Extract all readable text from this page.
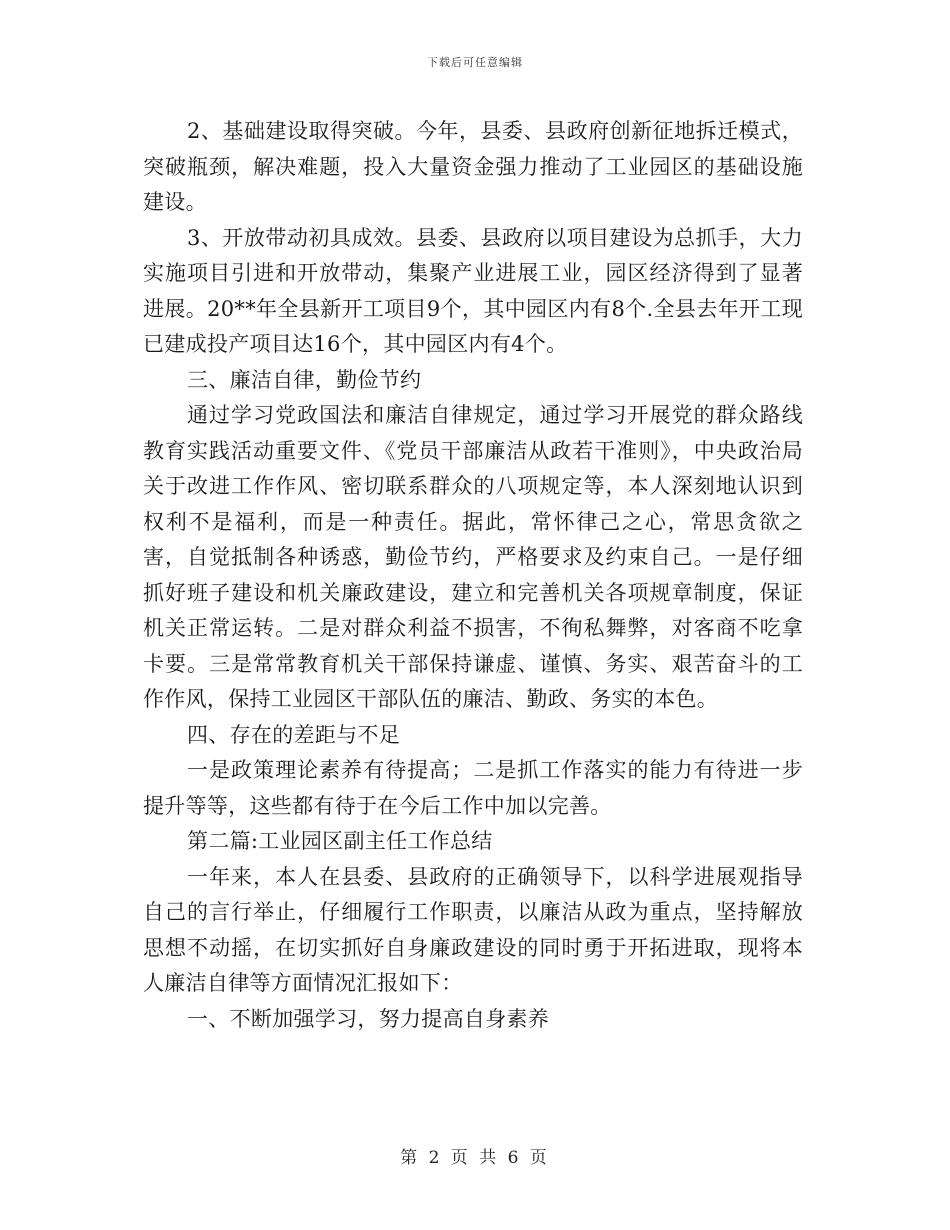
下载后可任意编辑

2、基础建设取得突破。今年，县委、县政府创新征地拆迁模式，突破瓶颈，解决难题，投入大量资金强力推动了工业园区的基础设施建设。

3、开放带动初具成效。县委、县政府以项目建设为总抓手，大力实施项目引进和开放带动，集聚产业进展工业，园区经济得到了显著进展。20**年全县新开工项目9个，其中园区内有8个.全县去年开工现已建成投产项目达16个，其中园区内有4个。

三、廉洁自律，勤俭节约

通过学习党政国法和廉洁自律规定，通过学习开展党的群众路线教育实践活动重要文件、《党员干部廉洁从政若干准则》，中央政治局关于改进工作作风、密切联系群众的八项规定等，本人深刻地认识到权利不是福利，而是一种责任。据此，常怀律己之心，常思贪欲之害，自觉抵制各种诱惑，勤俭节约，严格要求及约束自己。一是仔细抓好班子建设和机关廉政建设，建立和完善机关各项规章制度，保证机关正常运转。二是对群众利益不损害，不徇私舞弊，对客商不吃拿卡要。三是常常教育机关干部保持谦虚、谨慎、务实、艰苦奋斗的工作作风，保持工业园区干部队伍的廉洁、勤政、务实的本色。

四、存在的差距与不足

一是政策理论素养有待提高；二是抓工作落实的能力有待进一步提升等等，这些都有待于在今后工作中加以完善。

第二篇:工业园区副主任工作总结

一年来，本人在县委、县政府的正确领导下，以科学进展观指导自己的言行举止，仔细履行工作职责，以廉洁从政为重点，坚持解放思想不动摇，在切实抓好自身廉政建设的同时勇于开拓进取，现将本人廉洁自律等方面情况汇报如下：

一、不断加强学习，努力提高自身素养

第 2 页 共 6 页
